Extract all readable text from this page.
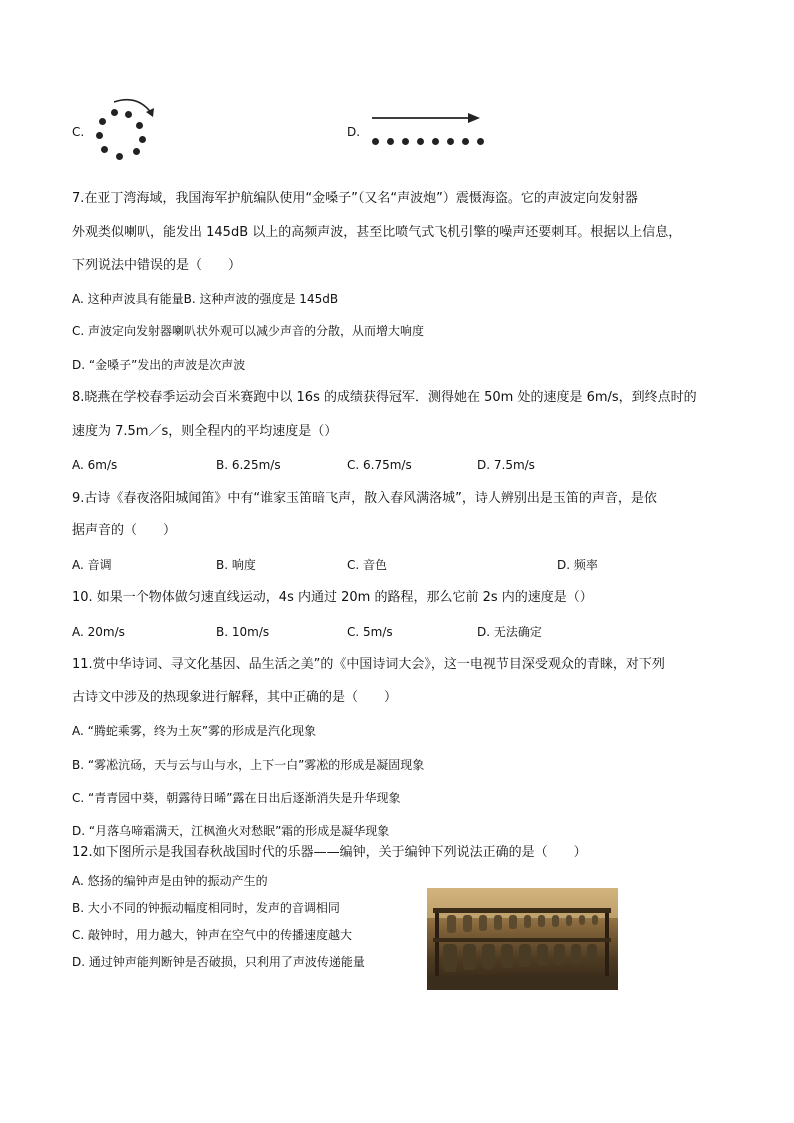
C.	D.
7.在亚丁湾海域，我国海军护航编队使用“金嗓子”（又名“声波炮”）震慑海盗。它的声波定向发射器
外观类似喇叭，能发出 145dB 以上的高频声波，甚至比喷气式飞机引擎的噪声还要刺耳。根据以上信息，
下列说法中错误的是（　　）
A. 这种声波具有能量B. 这种声波的强度是 145dB
C. 声波定向发射器喇叭状外观可以减少声音的分散，从而增大响度
D. “金嗓子”发出的声波是次声波
8.晓燕在学校春季运动会百米赛跑中以 16s 的成绩获得冠军．测得她在 50m 处的速度是 6m/s，到终点时的
速度为 7.5m／s，则全程内的平均速度是（）
A. 6m/s	B. 6.25m/s	C. 6.75m/s	D. 7.5m/s
9.古诗《春夜洛阳城闻笛》中有“谁家玉笛暗飞声，散入春风满洛城”，诗人辨别出是玉笛的声音，是依
据声音的（　　）
A. 音调	B. 响度	C. 音色	D. 频率
10. 如果一个物体做匀速直线运动，4s 内通过 20m 的路程，那么它前 2s 内的速度是（）
A. 20m/s	B. 10m/s	C. 5m/s	D. 无法确定
11.赏中华诗词、寻文化基因、品生活之美”的《中国诗词大会》，这一电视节目深受观众的青睐，对下列
古诗文中涉及的热现象进行解释，其中正确的是（　　）
A. “腾蛇乘雾，终为土灰”雾的形成是汽化现象
B. “雾凇沆砀，天与云与山与水，上下一白”雾凇的形成是凝固现象
C. “青青园中葵，朝露待日晞”露在日出后逐渐消失是升华现象
D. “月落乌啼霜满天，江枫渔火对愁眠”霜的形成是凝华现象
12.如下图所示是我国春秋战国时代的乐器——编钟，关于编钟下列说法正确的是（　　）
A. 悠扬的编钟声是由钟的振动产生的
B. 大小不同的钟振动幅度相同时，发声的音调相同
C. 敲钟时，用力越大，钟声在空气中的传播速度越大
D. 通过钟声能判断钟是否破损，只利用了声波传递能量
